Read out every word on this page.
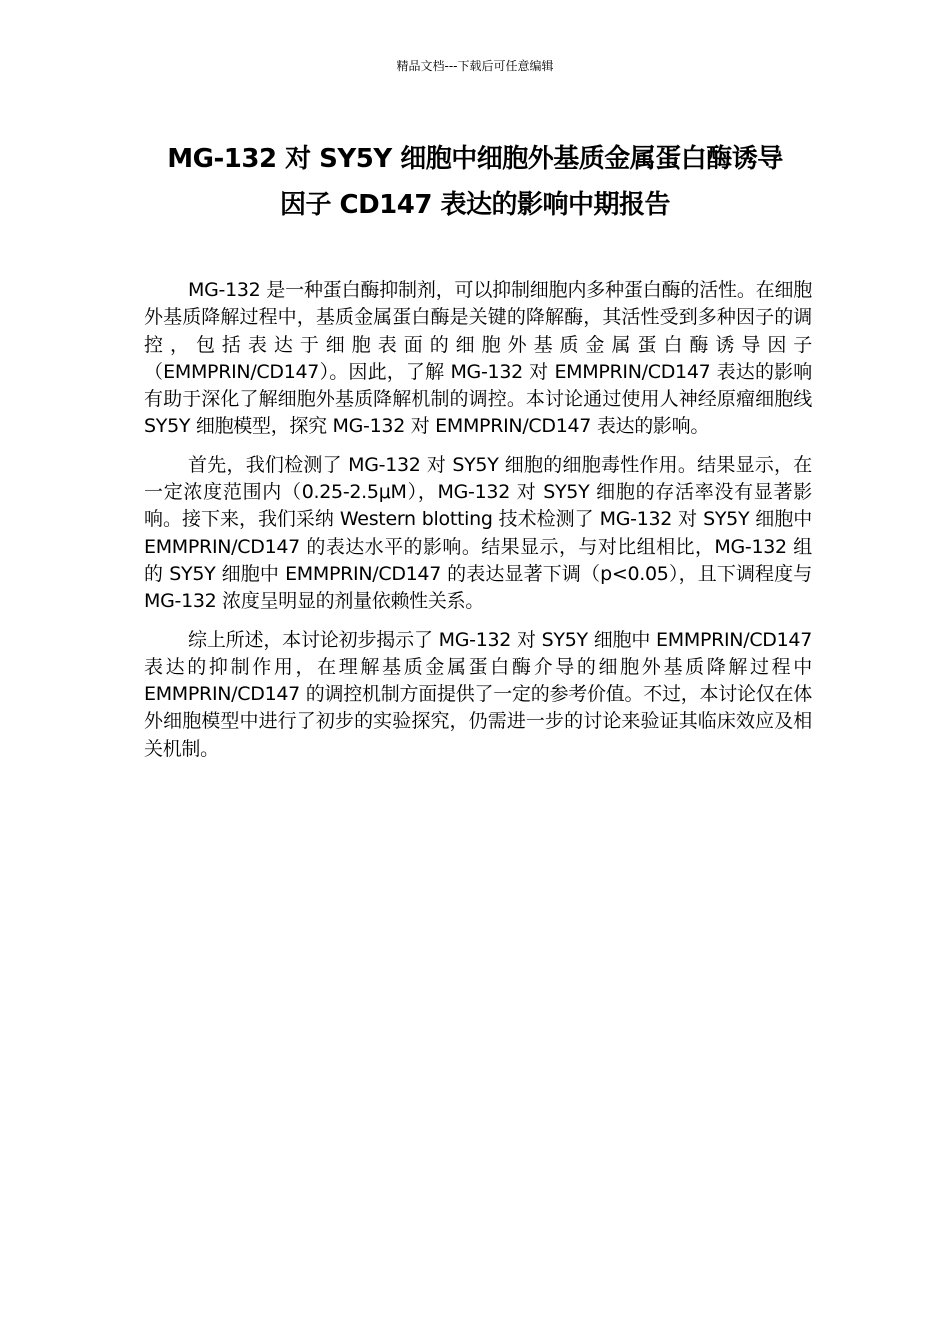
精品文档---下载后可任意编辑
MG-132 对 SY5Y 细胞中细胞外基质金属蛋白酶诱导
因子 CD147 表达的影响中期报告

MG-132 是一种蛋白酶抑制剂，可以抑制细胞内多种蛋白酶的活性。在细胞外基质降解过程中，基质金属蛋白酶是关键的降解酶，其活性受到多种因子的调控，包括表达于细胞表面的细胞外基质金属蛋白酶诱导因子（EMMPRIN/CD147）。因此，了解 MG-132 对 EMMPRIN/CD147 表达的影响有助于深化了解细胞外基质降解机制的调控。本讨论通过使用人神经原瘤细胞线 SY5Y 细胞模型，探究 MG-132 对 EMMPRIN/CD147 表达的影响。

首先，我们检测了 MG-132 对 SY5Y 细胞的细胞毒性作用。结果显示，在一定浓度范围内（0.25-2.5μM），MG-132 对 SY5Y 细胞的存活率没有显著影响。接下来，我们采纳 Western blotting 技术检测了 MG-132 对 SY5Y 细胞中 EMMPRIN/CD147 的表达水平的影响。结果显示，与对比组相比，MG-132 组的 SY5Y 细胞中 EMMPRIN/CD147 的表达显著下调（p<0.05），且下调程度与 MG-132 浓度呈明显的剂量依赖性关系。

综上所述，本讨论初步揭示了 MG-132 对 SY5Y 细胞中 EMMPRIN/CD147 表达的抑制作用，在理解基质金属蛋白酶介导的细胞外基质降解过程中 EMMPRIN/CD147 的调控机制方面提供了一定的参考价值。不过，本讨论仅在体外细胞模型中进行了初步的实验探究，仍需进一步的讨论来验证其临床效应及相关机制。
